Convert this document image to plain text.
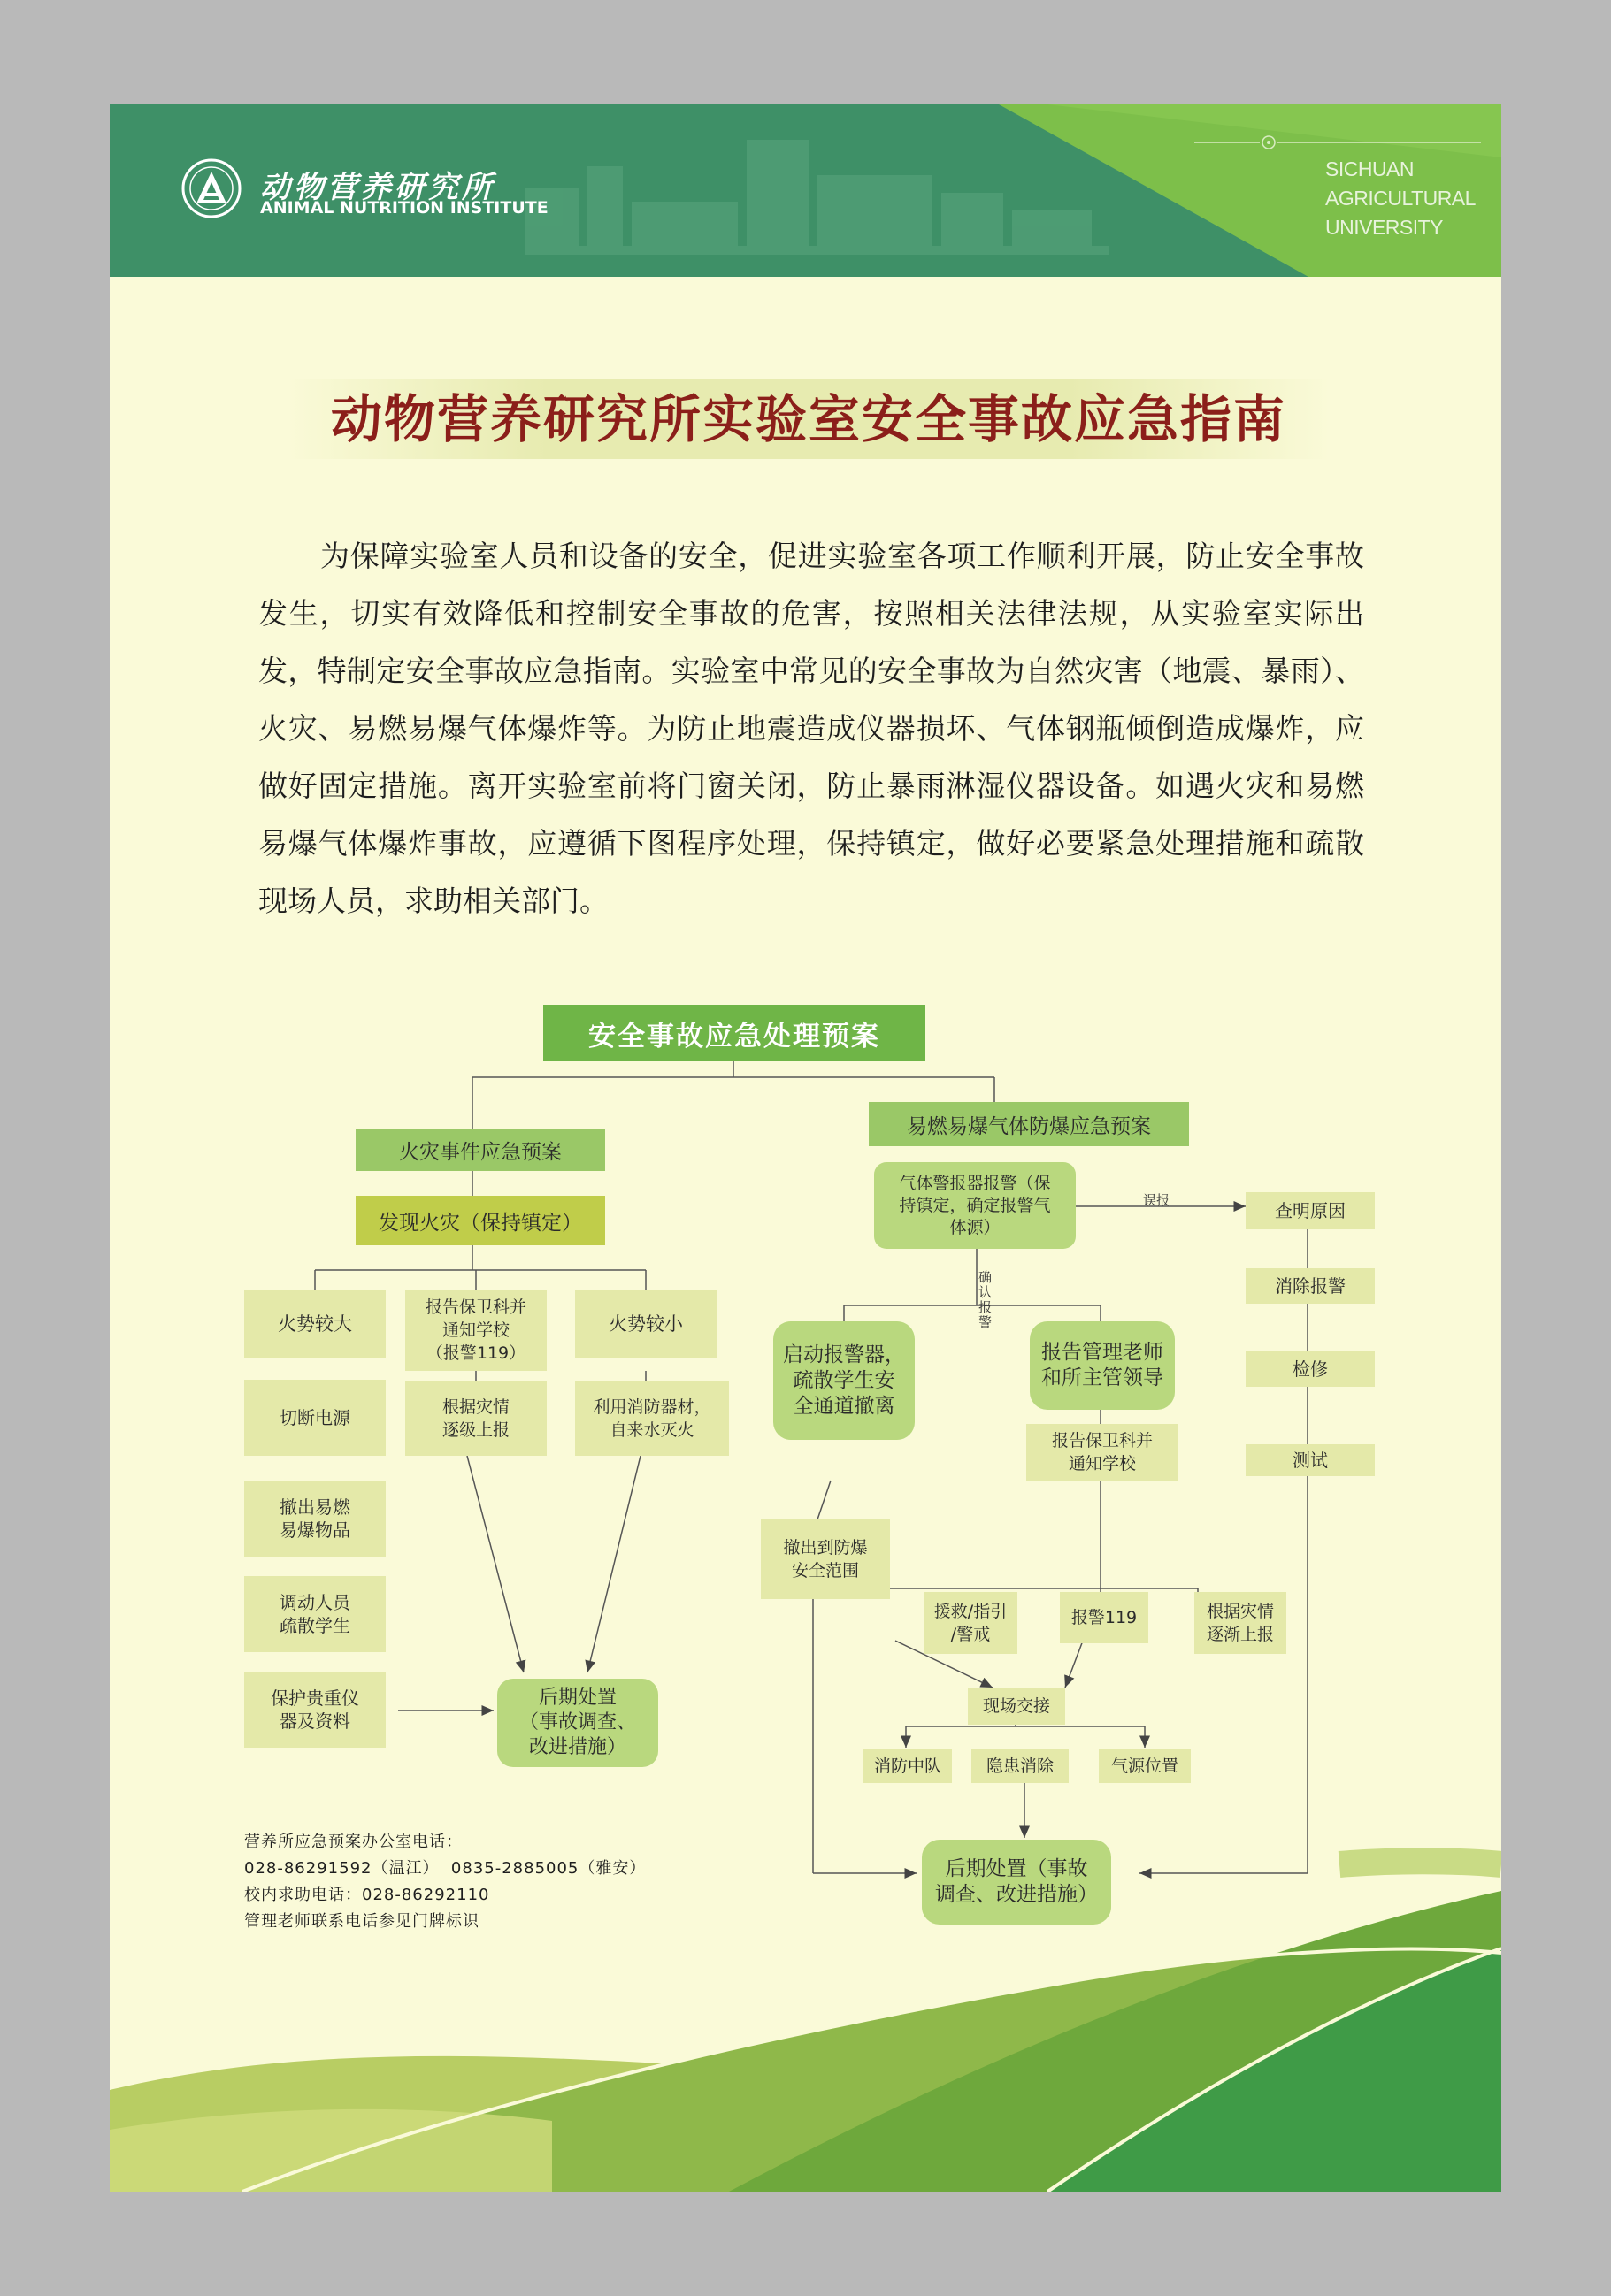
动物营养研究所
ANIMAL NUTRITION INSTITUTE
SICHUAN
AGRICULTURAL
UNIVERSITY
动物营养研究所实验室安全事故应急指南
为保障实验室人员和设备的安全，促进实验室各项工作顺利开展，防止安全事故发生，切实有效降低和控制安全事故的危害，按照相关法律法规，从实验室实际出发，特制定安全事故应急指南。实验室中常见的安全事故为自然灾害（地震、暴雨）、火灾、易燃易爆气体爆炸等。为防止地震造成仪器损坏、气体钢瓶倾倒造成爆炸，应做好固定措施。离开实验室前将门窗关闭，防止暴雨淋湿仪器设备。如遇火灾和易燃易爆气体爆炸事故，应遵循下图程序处理，保持镇定，做好必要紧急处理措施和疏散现场人员，求助相关部门。
安全事故应急处理预案
火灾事件应急预案
发现火灾（保持镇定）
火势较大
报告保卫科并
通知学校
（报警119）
火势较小
切断电源	根据灾情
逐级上报
利用消防器材，
自来水灭火
撤出易燃
易爆物品
调动人员
疏散学生
保护贵重仪
器及资料
后期处置
（事故调查、
改进措施）
易燃易爆气体防爆应急预案
气体警报器报警（保
持镇定，确定报警气
体源）
误报
确
认
报
警
查明原因
消除报警
检修
测试
启动报警器，
疏散学生安
全通道撤离
报告管理老师
和所主管领导
报告保卫科并
通知学校
撤出到防爆
安全范围
援救/指引
/警戒
报警119	根据灾情
逐渐上报
现场交接
消防中队	隐患消除	气源位置
后期处置（事故
调查、改进措施）
营养所应急预案办公室电话：
028-86291592（温江）  0835-2885005（雅安）
校内求助电话：028-86292110
管理老师联系电话参见门牌标识
